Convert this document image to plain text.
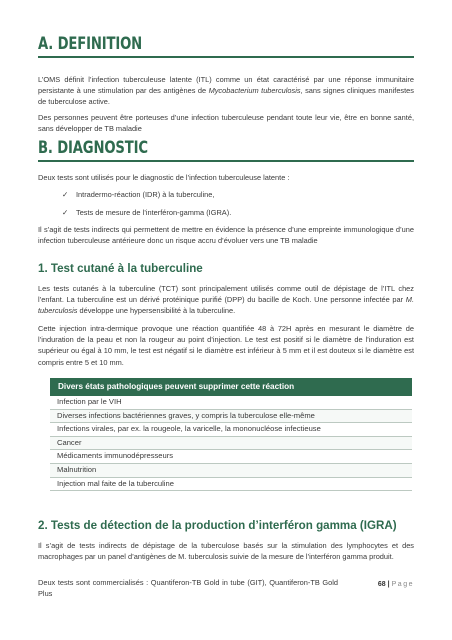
A. DEFINITION
L’OMS définit l’infection tuberculeuse latente (ITL) comme un état caractérisé par une réponse immunitaire persistante à une stimulation par des antigènes de Mycobacterium tuberculosis, sans signes cliniques manifestes de tuberculose active.
Des personnes peuvent être porteuses d’une infection tuberculeuse pendant toute leur vie, être en bonne santé, sans développer de TB maladie
B. DIAGNOSTIC
Deux tests sont utilisés pour le diagnostic de l’infection tuberculeuse latente :
✓ Intradermo-réaction (IDR) à la tuberculine,
✓ Tests de mesure de l’interféron-gamma (IGRA).
Il s’agit de tests indirects qui permettent de mettre en évidence la présence d’une empreinte immunologique d’une infection tuberculeuse antérieure donc un risque accru d’évoluer vers une TB maladie
1. Test cutané à la tuberculine
Les tests cutanés à la tuberculine (TCT) sont principalement utilisés comme outil de dépistage de l’ITL chez l’enfant. La tuberculine est un dérivé protéinique purifié (DPP) du bacille de Koch. Une personne infectée par M. tuberculosis développe une hypersensibilité à la tuberculine.
Cette injection intra-dermique provoque une réaction quantifiée 48 à 72H après en mesurant le diamètre de l’induration de la peau et non la rougeur au point d’injection. Le test est positif si le diamètre de l’induration est supérieur ou égal à 10 mm, le test est négatif si le diamètre est inférieur à 5 mm et il est douteux si le diamètre est compris entre 5 et 10 mm.
Divers états pathologiques peuvent supprimer cette réaction
Infection par le VIH
Diverses infections bactériennes graves, y compris la tuberculose elle-même
Infections virales, par ex. la rougeole, la varicelle, la mononucléose infectieuse
Cancer
Médicaments immunodépresseurs
Malnutrition
Injection mal faite de la tuberculine
2. Tests de détection de la production d’interféron gamma (IGRA)
Il s’agit de tests indirects de dépistage de la tuberculose basés sur la stimulation des lymphocytes et des macrophages par un panel d’antigènes de M. tuberculosis suivie de la mesure de l’interféron gamma produit.
Deux tests sont commercialisés : Quantiferon-TB Gold in tube (GIT), Quantiferon-TB Gold Plus
68 | Page
